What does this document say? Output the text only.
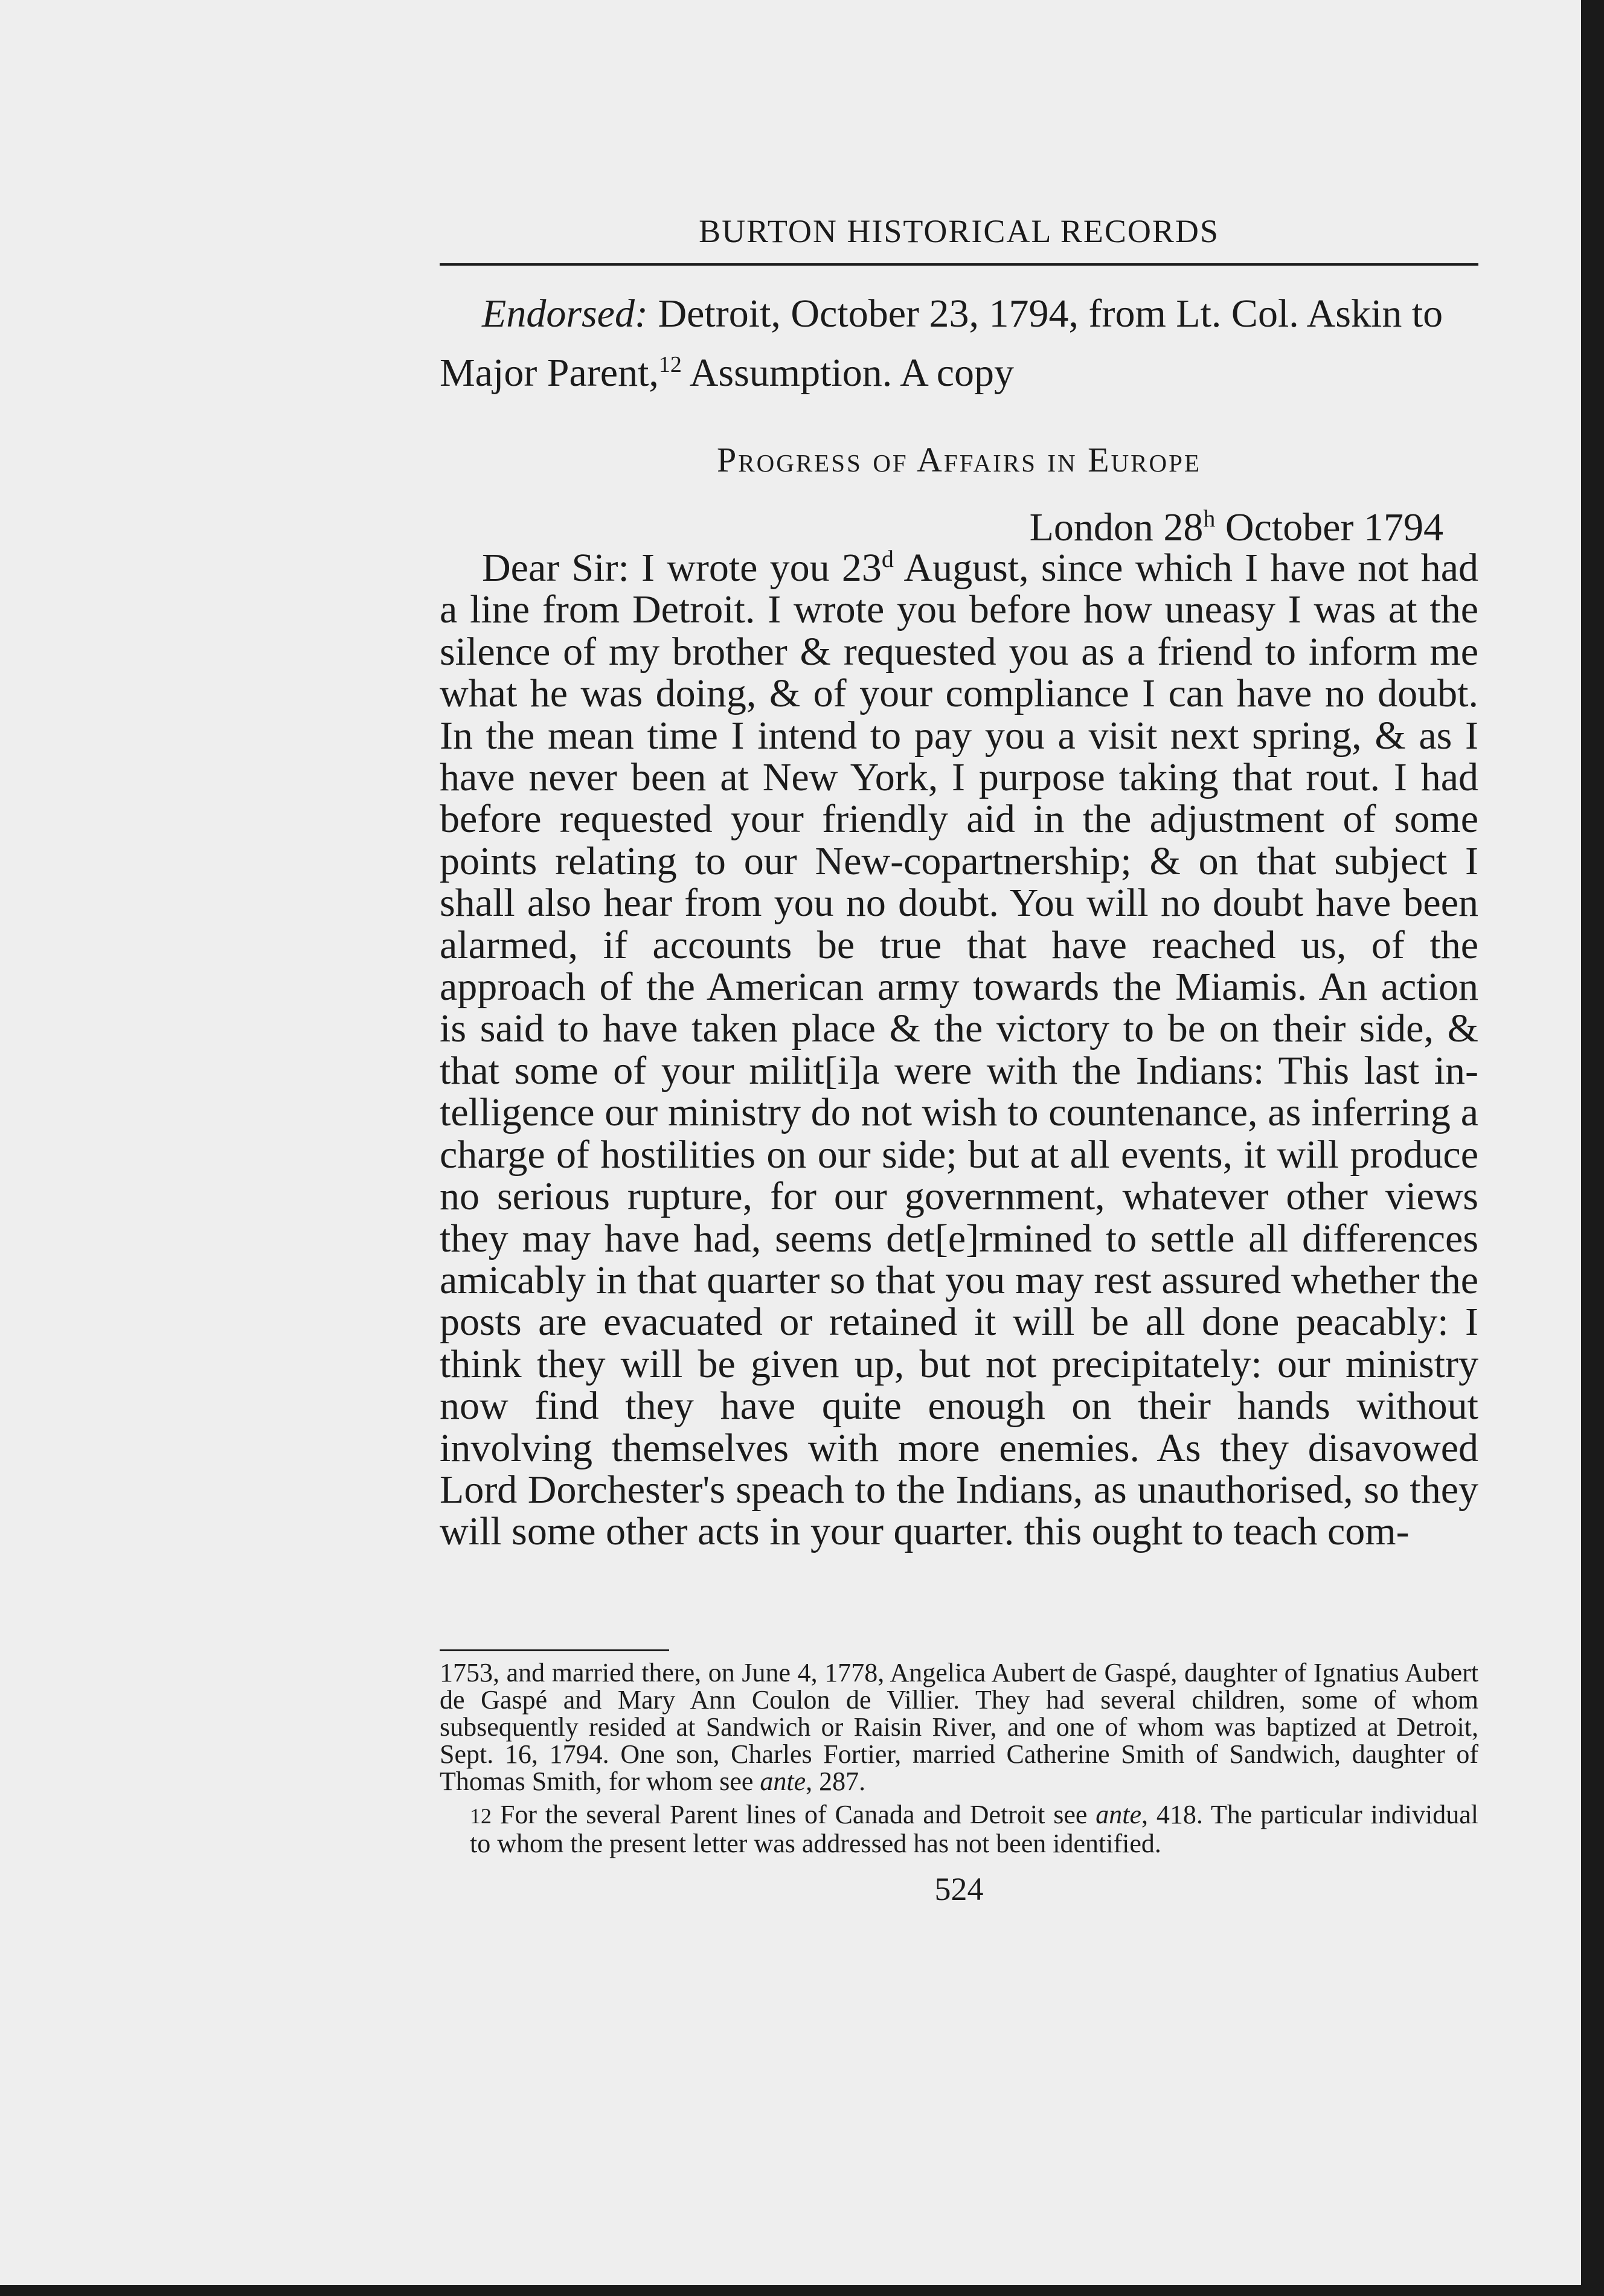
BURTON HISTORICAL RECORDS
Endorsed: Detroit, October 23, 1794, from Lt. Col. Askin to Major Parent,$^{12}$ Assumption. A copy
Progress of Affairs in Europe
London 28$^h$ October 1794
Dear Sir: I wrote you 23$^d$ August, since which I have not had a line from Detroit. I wrote you before how uneasy I was at the silence of my brother & requested you as a friend to inform me what he was doing, & of your compliance I can have no doubt. In the mean time I intend to pay you a visit next spring, & as I have never been at New York, I purpose taking that rout. I had before requested your friendly aid in the adjustment of some points relating to our New-copartnership; & on that subject I shall also hear from you no doubt. You will no doubt have been alarmed, if accounts be true that have reached us, of the approach of the American army towards the Miamis. An action is said to have taken place & the victory to be on their side, & that some of your milit[i]a were with the Indians: This last intelligence our ministry do not wish to countenance, as inferring a charge of hostilities on our side; but at all events, it will produce no serious rupture, for our government, whatever other views they may have had, seems det[e]rmined to settle all differences amicably in that quarter so that you may rest assured whether the posts are evacuated or retained it will be all done peacably: I think they will be given up, but not precipitately: our ministry now find they have quite enough on their hands without involving themselves with more enemies. As they disavowed Lord Dorchester's speach to the Indians, as unauthorised, so they will some other acts in your quarter. this ought to teach com-

1753, and married there, on June 4, 1778, Angelica Aubert de Gaspé, daughter of Ignatius Aubert de Gaspé and Mary Ann Coulon de Villier. They had several children, some of whom subsequently resided at Sandwich or Raisin River, and one of whom was baptized at Detroit, Sept. 16, 1794. One son, Charles Fortier, married Catherine Smith of Sandwich, daughter of Thomas Smith, for whom see ante, 287.

12 For the several Parent lines of Canada and Detroit see ante, 418. The particular individual to whom the present letter was addressed has not been identified.

524
